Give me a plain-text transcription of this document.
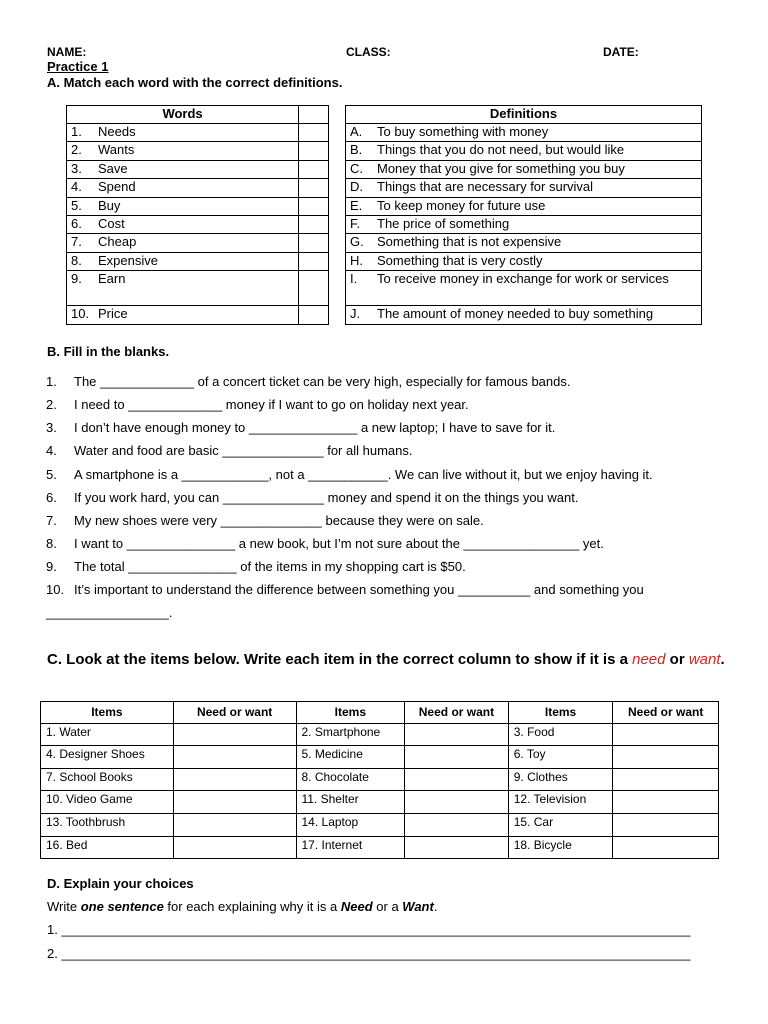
NAME:	CLASS:	DATE:
Practice 1
A. Match each word with the correct definitions.
Words	

1. Needs	

2. Wants	

3. Save	

4. Spend	

5. Buy	

6. Cost	

7. Cheap	

8. Expensive	

9. Earn	

10. Price	

Definitions

A.	To buy something with money

B.	Things that you do not need, but would like

C.	Money that you give for something you buy

D.	Things that are necessary for survival

E.	To keep money for future use

F.	The price of something

G.	Something that is not expensive

H.	Something that is very costly

I.	To receive money in exchange for work or services

J.	The amount of money needed to buy something
B. Fill in the blanks.
1. The _____________ of a concert ticket can be very high, especially for famous bands.
2. I need to _____________ money if I want to go on holiday next year.
3. I don’t have enough money to _______________ a new laptop; I have to save for it.
4. Water and food are basic ______________ for all humans.
5. A smartphone is a ____________, not a ___________. We can live without it, but we enjoy having it.
6. If you work hard, you can ______________ money and spend it on the things you want.
7. My new shoes were very ______________ because they were on sale.
8. I want to _______________ a new book, but I’m not sure about the ________________ yet.
9. The total _______________ of the items in my shopping cart is $50.
10. It’s important to understand the difference between something you __________ and something you
_________________.
C. Look at the items below. Write each item in the correct column to show if it is a need or want.
Items	Need or want	Items	Need or want	Items	Need or want
1. Water		2. Smartphone		3. Food	
4. Designer Shoes		5. Medicine		6. Toy	
7. School Books		8. Chocolate		9. Clothes	
10. Video Game		11. Shelter		12. Television	
13. Toothbrush		14. Laptop		15. Car	
16. Bed		17. Internet		18. Bicycle	
D. Explain your choices
Write one sentence for each explaining why it is a Need or a Want.
1. _______________________________________________________________________________________
2. _______________________________________________________________________________________
